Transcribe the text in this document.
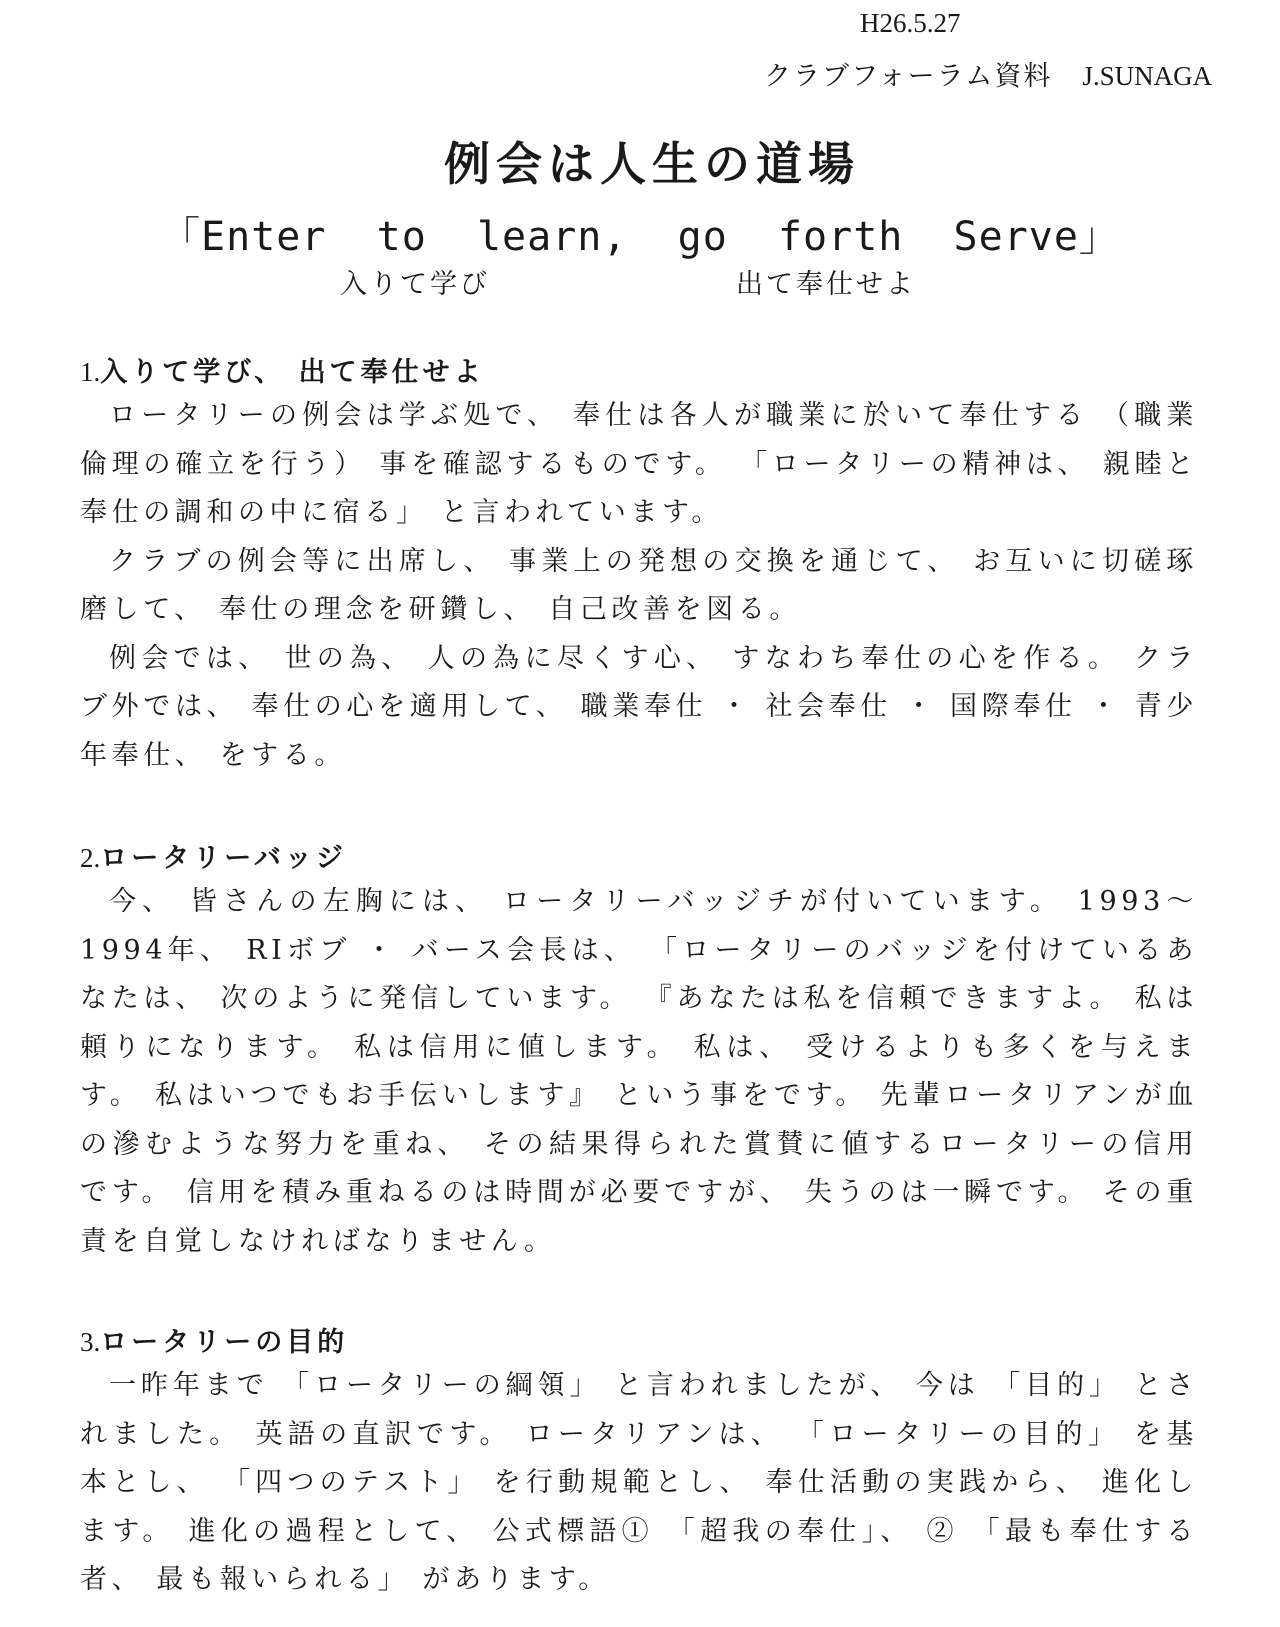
H26.5.27
クラブフォーラム資料 J.SUNAGA
例会は人生の道場
「Enter  to  learn,  go  forth  Serve」
入りて学び	出て奉仕せよ
1.入りて学び、 出て奉仕せよ

ロータリーの例会は学ぶ処で、 奉仕は各人が職業に於いて奉仕する （職業倫理の確立を行う） 事を確認するものです。 「ロータリーの精神は、 親睦と奉仕の調和の中に宿る」 と言われています。

クラブの例会等に出席し、 事業上の発想の交換を通じて、 お互いに切磋琢磨して、 奉仕の理念を研鑽し、 自己改善を図る。

例会では、 世の為、 人の為に尽くす心、 すなわち奉仕の心を作る。 クラブ外では、 奉仕の心を適用して、 職業奉仕 ・ 社会奉仕 ・ 国際奉仕 ・ 青少年奉仕、 をする。

2.ロータリーバッジ

今、 皆さんの左胸には、 ロータリーバッジチが付いています。 1993～1994年、 RIボブ ・ バース会長は、 「ロータリーのバッジを付けているあなたは、 次のように発信しています。 『あなたは私を信頼できますよ。 私は頼りになります。 私は信用に値します。 私は、 受けるよりも多くを与えます。 私はいつでもお手伝いします』 という事をです。 先輩ロータリアンが血の滲むような努力を重ね、 その結果得られた賞賛に値するロータリーの信用です。 信用を積み重ねるのは時間が必要ですが、 失うのは一瞬です。 その重責を自覚しなければなりません。

3.ロータリーの目的

一昨年まで 「ロータリーの綱領」 と言われましたが、 今は 「目的」 とされました。 英語の直訳です。 ロータリアンは、 「ロータリーの目的」 を基本とし、 「四つのテスト」 を行動規範とし、 奉仕活動の実践から、 進化します。 進化の過程として、 公式標語① 「超我の奉仕」、 ② 「最も奉仕する者、 最も報いられる」 があります。
